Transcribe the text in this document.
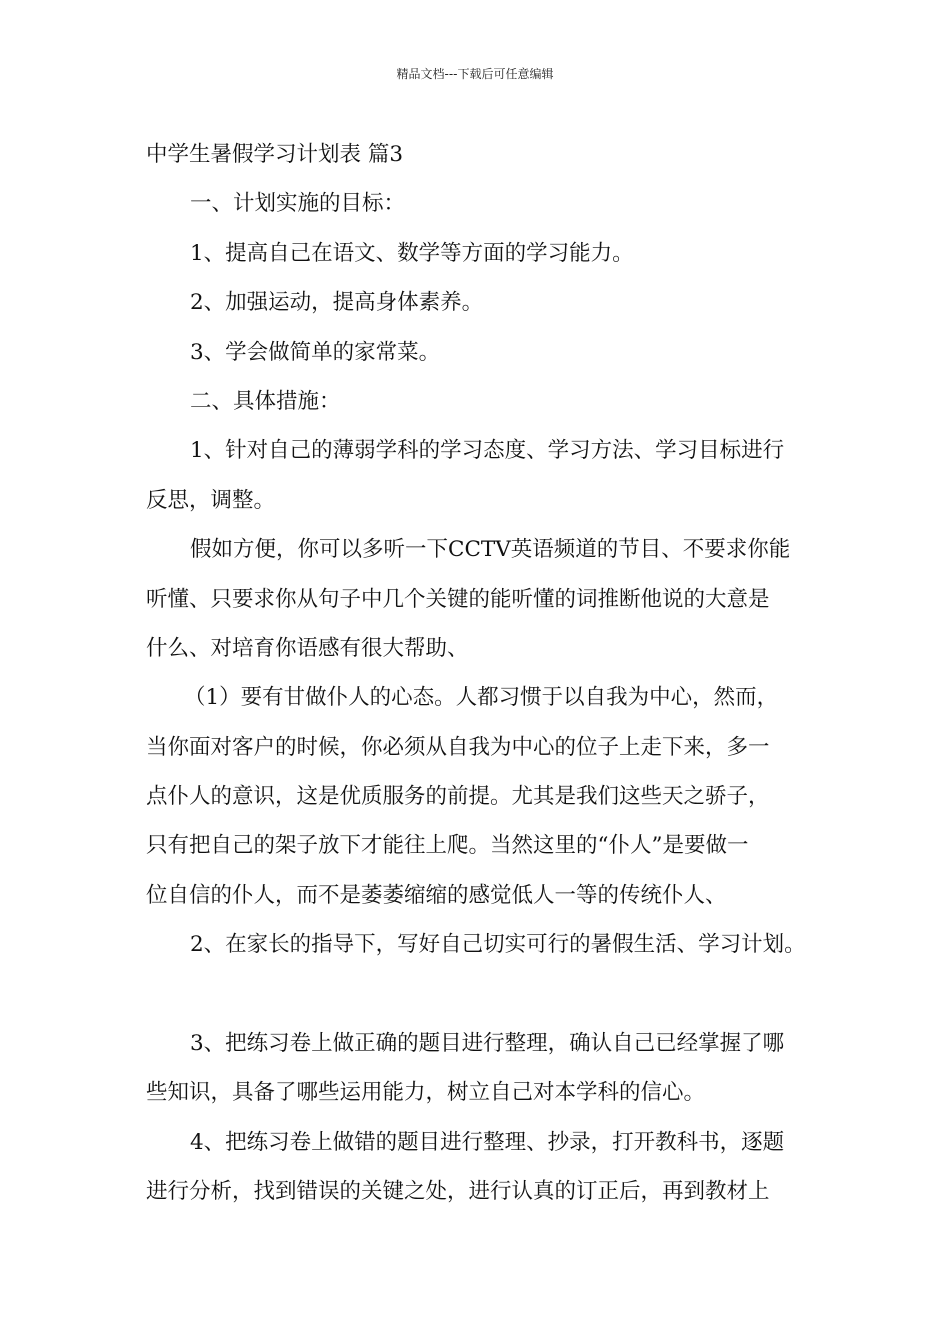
精品文档---下载后可任意编辑
中学生暑假学习计划表 篇3
一、计划实施的目标：
1、提高自己在语文、数学等方面的学习能力。
2、加强运动，提高身体素养。
3、学会做简单的家常菜。
二、具体措施：
1、针对自己的薄弱学科的学习态度、学习方法、学习目标进行
反思，调整。
假如方便，你可以多听一下CCTV英语频道的节目、不要求你能
听懂、只要求你从句子中几个关键的能听懂的词推断他说的大意是
什么、对培育你语感有很大帮助、
（1）要有甘做仆人的心态。人都习惯于以自我为中心，然而，
当你面对客户的时候，你必须从自我为中心的位子上走下来，多一
点仆人的意识，这是优质服务的前提。尤其是我们这些天之骄子，
只有把自己的架子放下才能往上爬。当然这里的“仆人”是要做一
位自信的仆人，而不是萎萎缩缩的感觉低人一等的传统仆人、
2、在家长的指导下，写好自己切实可行的暑假生活、学习计划。
3、把练习卷上做正确的题目进行整理，确认自己已经掌握了哪
些知识，具备了哪些运用能力，树立自己对本学科的信心。
4、把练习卷上做错的题目进行整理、抄录，打开教科书，逐题
进行分析，找到错误的关键之处，进行认真的订正后，再到教材上
